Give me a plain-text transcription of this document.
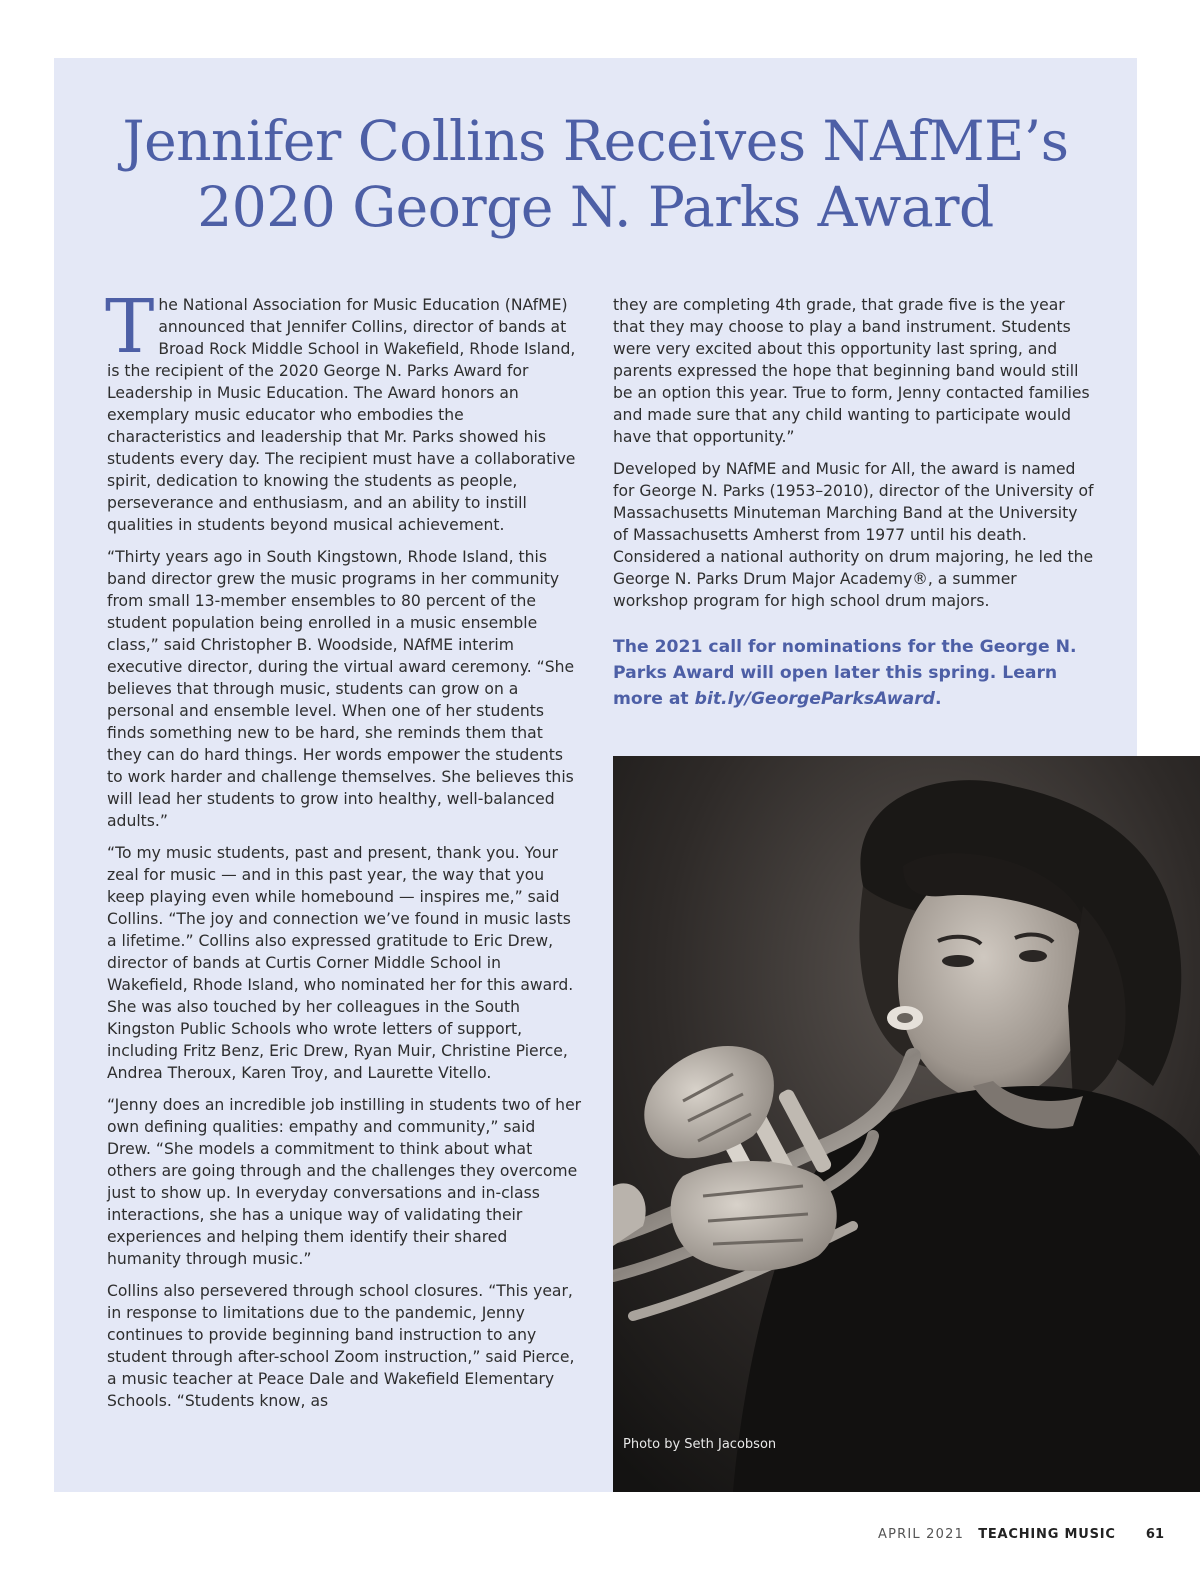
Jennifer Collins Receives NAfME’s
2020 George N. Parks Award

The National Association for Music Education (NAfME) announced that Jennifer Collins, director of bands at Broad Rock Middle School in Wakefield, Rhode Island, is the recipient of the 2020 George N. Parks Award for Leadership in Music Education. The Award honors an exemplary music educator who embodies the characteristics and leadership that Mr. Parks showed his students every day. The recipient must have a collaborative spirit, dedication to knowing the students as people, perseverance and enthusiasm, and an ability to instill qualities in students beyond musical achievement.

“Thirty years ago in South Kingstown, Rhode Island, this band director grew the music programs in her community from small 13-member ensembles to 80 percent of the student population being enrolled in a music ensemble class,” said Christopher B. Woodside, NAfME interim executive director, during the virtual award ceremony. “She believes that through music, students can grow on a personal and ensemble level. When one of her students finds something new to be hard, she reminds them that they can do hard things. Her words empower the students to work harder and challenge themselves. She believes this will lead her students to grow into healthy, well-balanced adults.”

“To my music students, past and present, thank you. Your zeal for music — and in this past year, the way that you keep playing even while homebound — inspires me,” said Collins. “The joy and connection we’ve found in music lasts a lifetime.” Collins also expressed gratitude to Eric Drew, director of bands at Curtis Corner Middle School in Wakefield, Rhode Island, who nominated her for this award. She was also touched by her colleagues in the South Kingston Public Schools who wrote letters of support, including Fritz Benz, Eric Drew, Ryan Muir, Christine Pierce, Andrea Theroux, Karen Troy, and Laurette Vitello.

“Jenny does an incredible job instilling in students two of her own defining qualities: empathy and community,” said Drew. “She models a commitment to think about what others are going through and the challenges they overcome just to show up. In everyday conversations and in-class interactions, she has a unique way of validating their experiences and helping them identify their shared humanity through music.”

Collins also persevered through school closures. “This year, in response to limitations due to the pandemic, Jenny continues to provide beginning band instruction to any student through after-school Zoom instruction,” said Pierce, a music teacher at Peace Dale and Wakefield Elementary Schools. “Students know, as

they are completing 4th grade, that grade five is the year that they may choose to play a band instrument. Students were very excited about this opportunity last spring, and parents expressed the hope that beginning band would still be an option this year. True to form, Jenny contacted families and made sure that any child wanting to participate would have that opportunity.”

Developed by NAfME and Music for All, the award is named for George N. Parks (1953–2010), director of the University of Massachusetts Minuteman Marching Band at the University of Massachusetts Amherst from 1977 until his death. Considered a national authority on drum majoring, he led the George N. Parks Drum Major Academy®, a summer workshop program for high school drum majors.

The 2021 call for nominations for the George N. Parks Award will open later this spring. Learn more at bit.ly/GeorgeParksAward.

Photo by Seth Jacobson
APRIL 2021 TEACHING MUSIC 61
